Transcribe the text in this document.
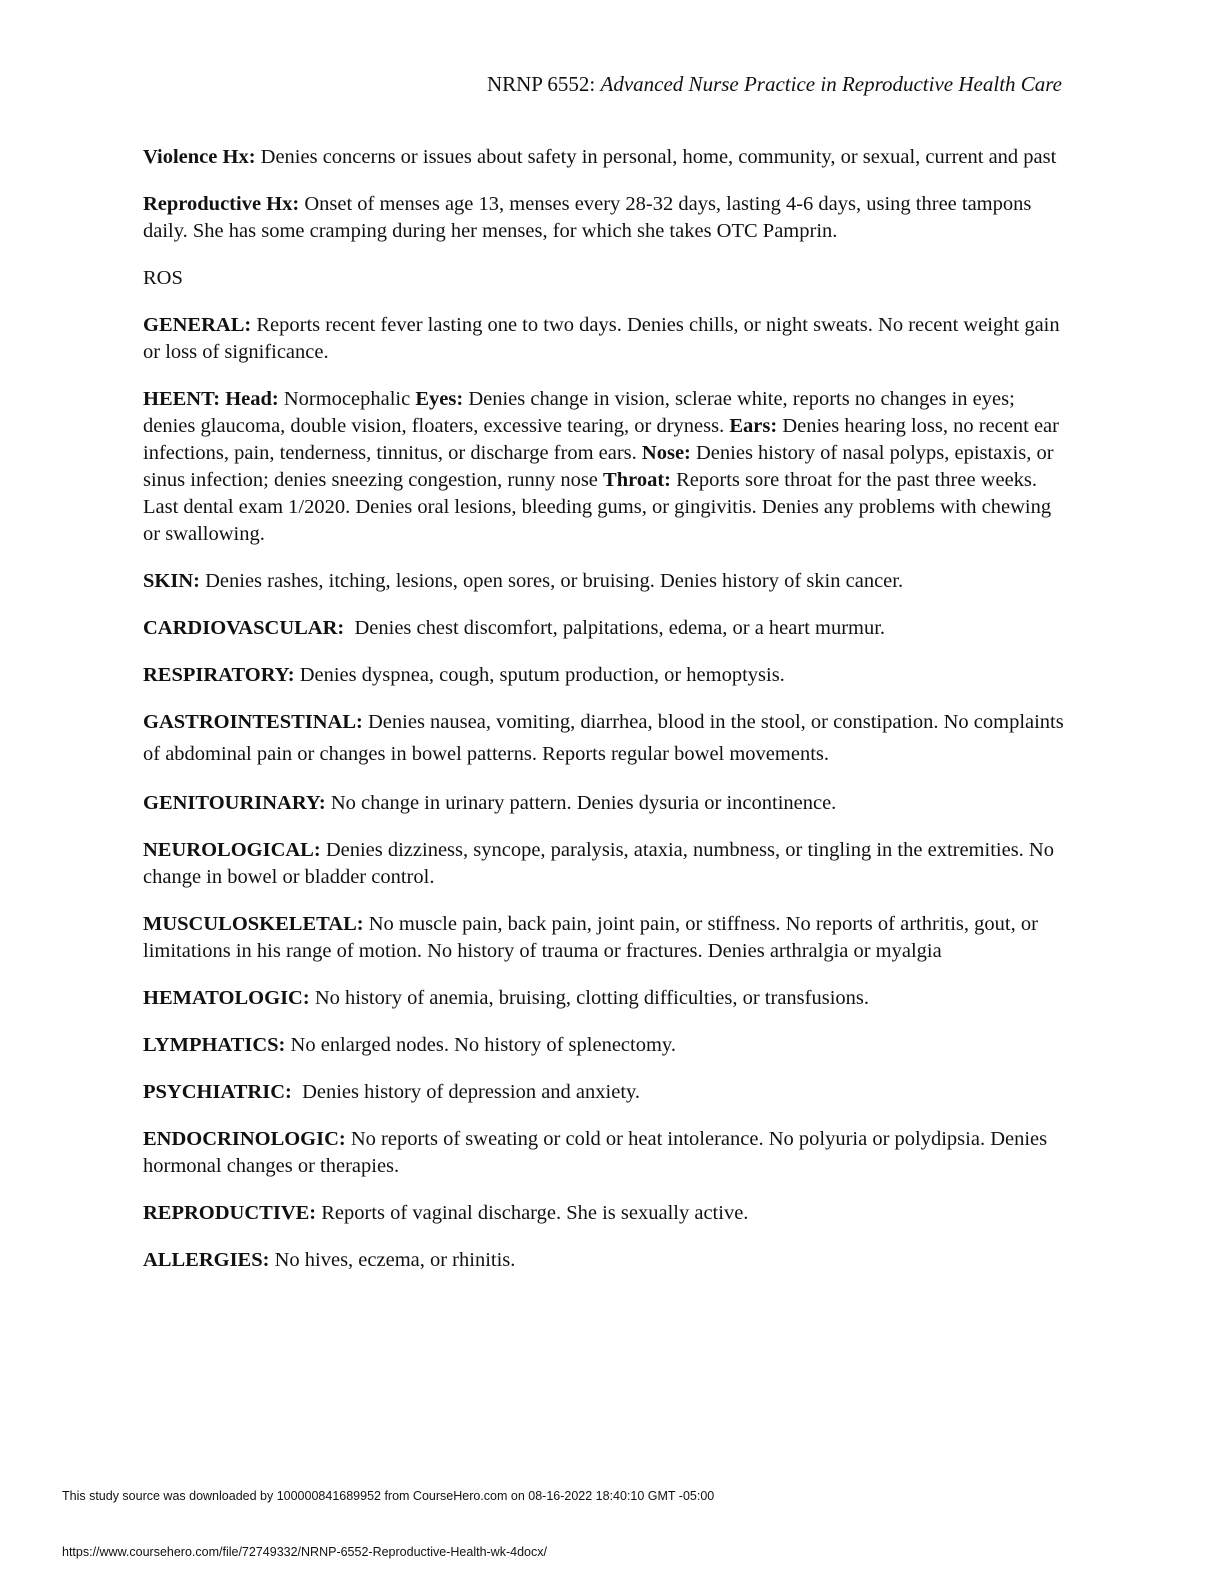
NRNP 6552: Advanced Nurse Practice in Reproductive Health Care

Violence Hx: Denies concerns or issues about safety in personal, home, community, or sexual, current and past

Reproductive Hx: Onset of menses age 13, menses every 28-32 days, lasting 4-6 days, using three tampons daily. She has some cramping during her menses, for which she takes OTC Pamprin.

ROS

GENERAL: Reports recent fever lasting one to two days. Denies chills, or night sweats. No recent weight gain or loss of significance.

HEENT: Head: Normocephalic Eyes: Denies change in vision, sclerae white, reports no changes in eyes; denies glaucoma, double vision, floaters, excessive tearing, or dryness. Ears: Denies hearing loss, no recent ear infections, pain, tenderness, tinnitus, or discharge from ears. Nose: Denies history of nasal polyps, epistaxis, or sinus infection; denies sneezing congestion, runny nose Throat: Reports sore throat for the past three weeks. Last dental exam 1/2020. Denies oral lesions, bleeding gums, or gingivitis. Denies any problems with chewing or swallowing.

SKIN: Denies rashes, itching, lesions, open sores, or bruising. Denies history of skin cancer.

CARDIOVASCULAR:  Denies chest discomfort, palpitations, edema, or a heart murmur.

RESPIRATORY: Denies dyspnea, cough, sputum production, or hemoptysis.

GASTROINTESTINAL: Denies nausea, vomiting, diarrhea, blood in the stool, or constipation. No complaints of abdominal pain or changes in bowel patterns. Reports regular bowel movements.

GENITOURINARY: No change in urinary pattern. Denies dysuria or incontinence.

NEUROLOGICAL: Denies dizziness, syncope, paralysis, ataxia, numbness, or tingling in the extremities. No change in bowel or bladder control.

MUSCULOSKELETAL: No muscle pain, back pain, joint pain, or stiffness. No reports of arthritis, gout, or limitations in his range of motion. No history of trauma or fractures. Denies arthralgia or myalgia

HEMATOLOGIC: No history of anemia, bruising, clotting difficulties, or transfusions.

LYMPHATICS: No enlarged nodes. No history of splenectomy.

PSYCHIATRIC:  Denies history of depression and anxiety.

ENDOCRINOLOGIC: No reports of sweating or cold or heat intolerance. No polyuria or polydipsia. Denies hormonal changes or therapies.

REPRODUCTIVE: Reports of vaginal discharge. She is sexually active.

ALLERGIES: No hives, eczema, or rhinitis.

This study source was downloaded by 100000841689952 from CourseHero.com on 08-16-2022 18:40:10 GMT -05:00
https://www.coursehero.com/file/72749332/NRNP-6552-Reproductive-Health-wk-4docx/
